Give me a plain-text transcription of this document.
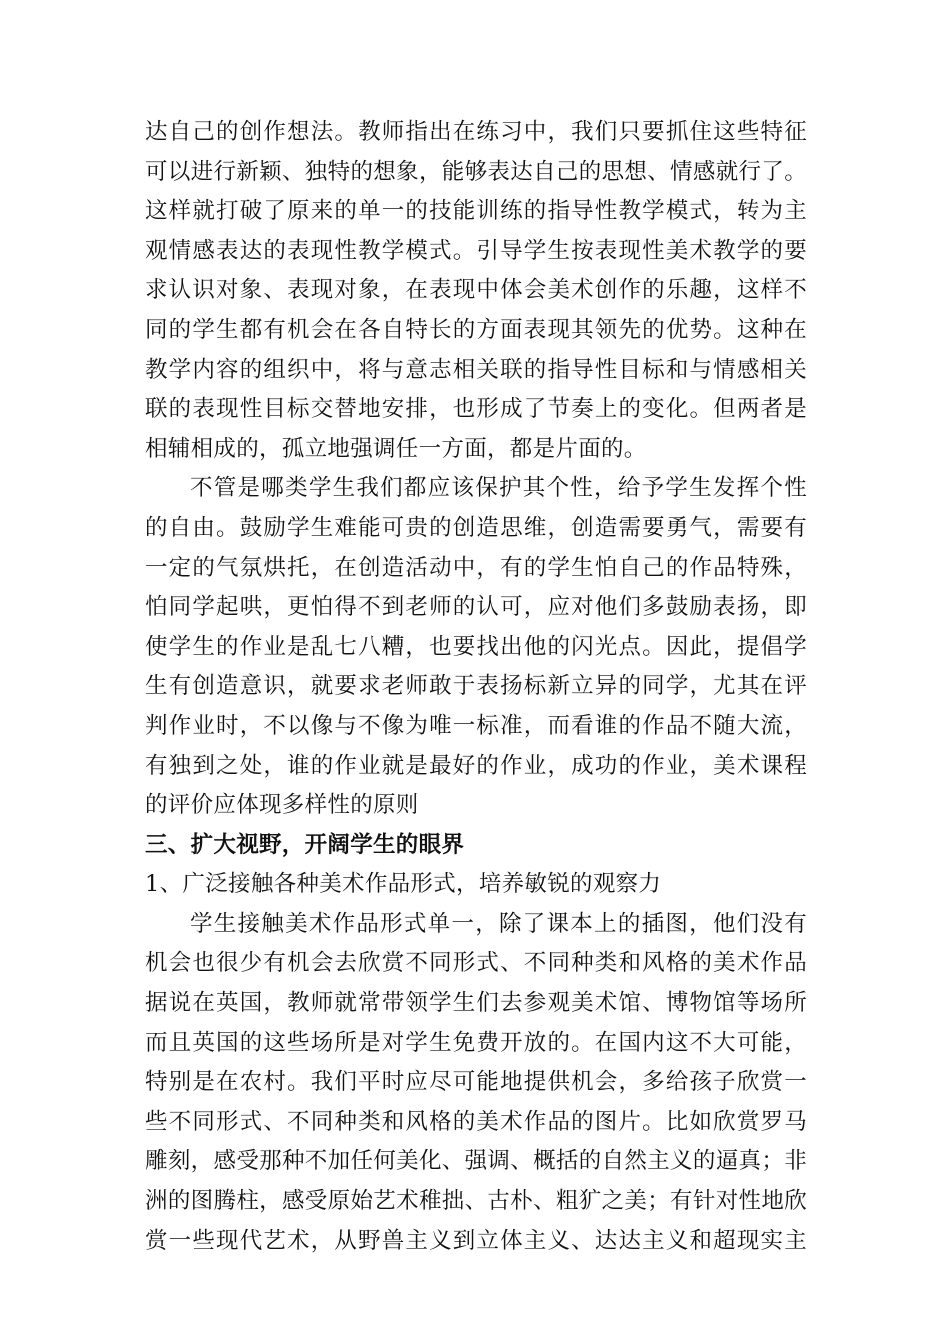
达自己的创作想法。教师指出在练习中，我们只要抓住这些特征
可以进行新颖、独特的想象，能够表达自己的思想、情感就行了。
这样就打破了原来的单一的技能训练的指导性教学模式，转为主
观情感表达的表现性教学模式。引导学生按表现性美术教学的要
求认识对象、表现对象，在表现中体会美术创作的乐趣，这样不
同的学生都有机会在各自特长的方面表现其领先的优势。这种在
教学内容的组织中，将与意志相关联的指导性目标和与情感相关
联的表现性目标交替地安排，也形成了节奏上的变化。但两者是
相辅相成的，孤立地强调任一方面，都是片面的。
不管是哪类学生我们都应该保护其个性，给予学生发挥个性
的自由。鼓励学生难能可贵的创造思维，创造需要勇气，需要有
一定的气氛烘托，在创造活动中，有的学生怕自己的作品特殊，
怕同学起哄，更怕得不到老师的认可，应对他们多鼓励表扬，即
使学生的作业是乱七八糟，也要找出他的闪光点。因此，提倡学
生有创造意识，就要求老师敢于表扬标新立异的同学，尤其在评
判作业时，不以像与不像为唯一标准，而看谁的作品不随大流，
有独到之处，谁的作业就是最好的作业，成功的作业，美术课程
的评价应体现多样性的原则
三、扩大视野，开阔学生的眼界
1、广泛接触各种美术作品形式，培养敏锐的观察力
学生接触美术作品形式单一，除了课本上的插图，他们没有
机会也很少有机会去欣赏不同形式、不同种类和风格的美术作品
据说在英国，教师就常带领学生们去参观美术馆、博物馆等场所
而且英国的这些场所是对学生免费开放的。在国内这不大可能，
特别是在农村。我们平时应尽可能地提供机会，多给孩子欣赏一
些不同形式、不同种类和风格的美术作品的图片。比如欣赏罗马
雕刻，感受那种不加任何美化、强调、概括的自然主义的逼真；非
洲的图腾柱，感受原始艺术稚拙、古朴、粗犷之美；有针对性地欣
赏一些现代艺术，从野兽主义到立体主义、达达主义和超现实主
